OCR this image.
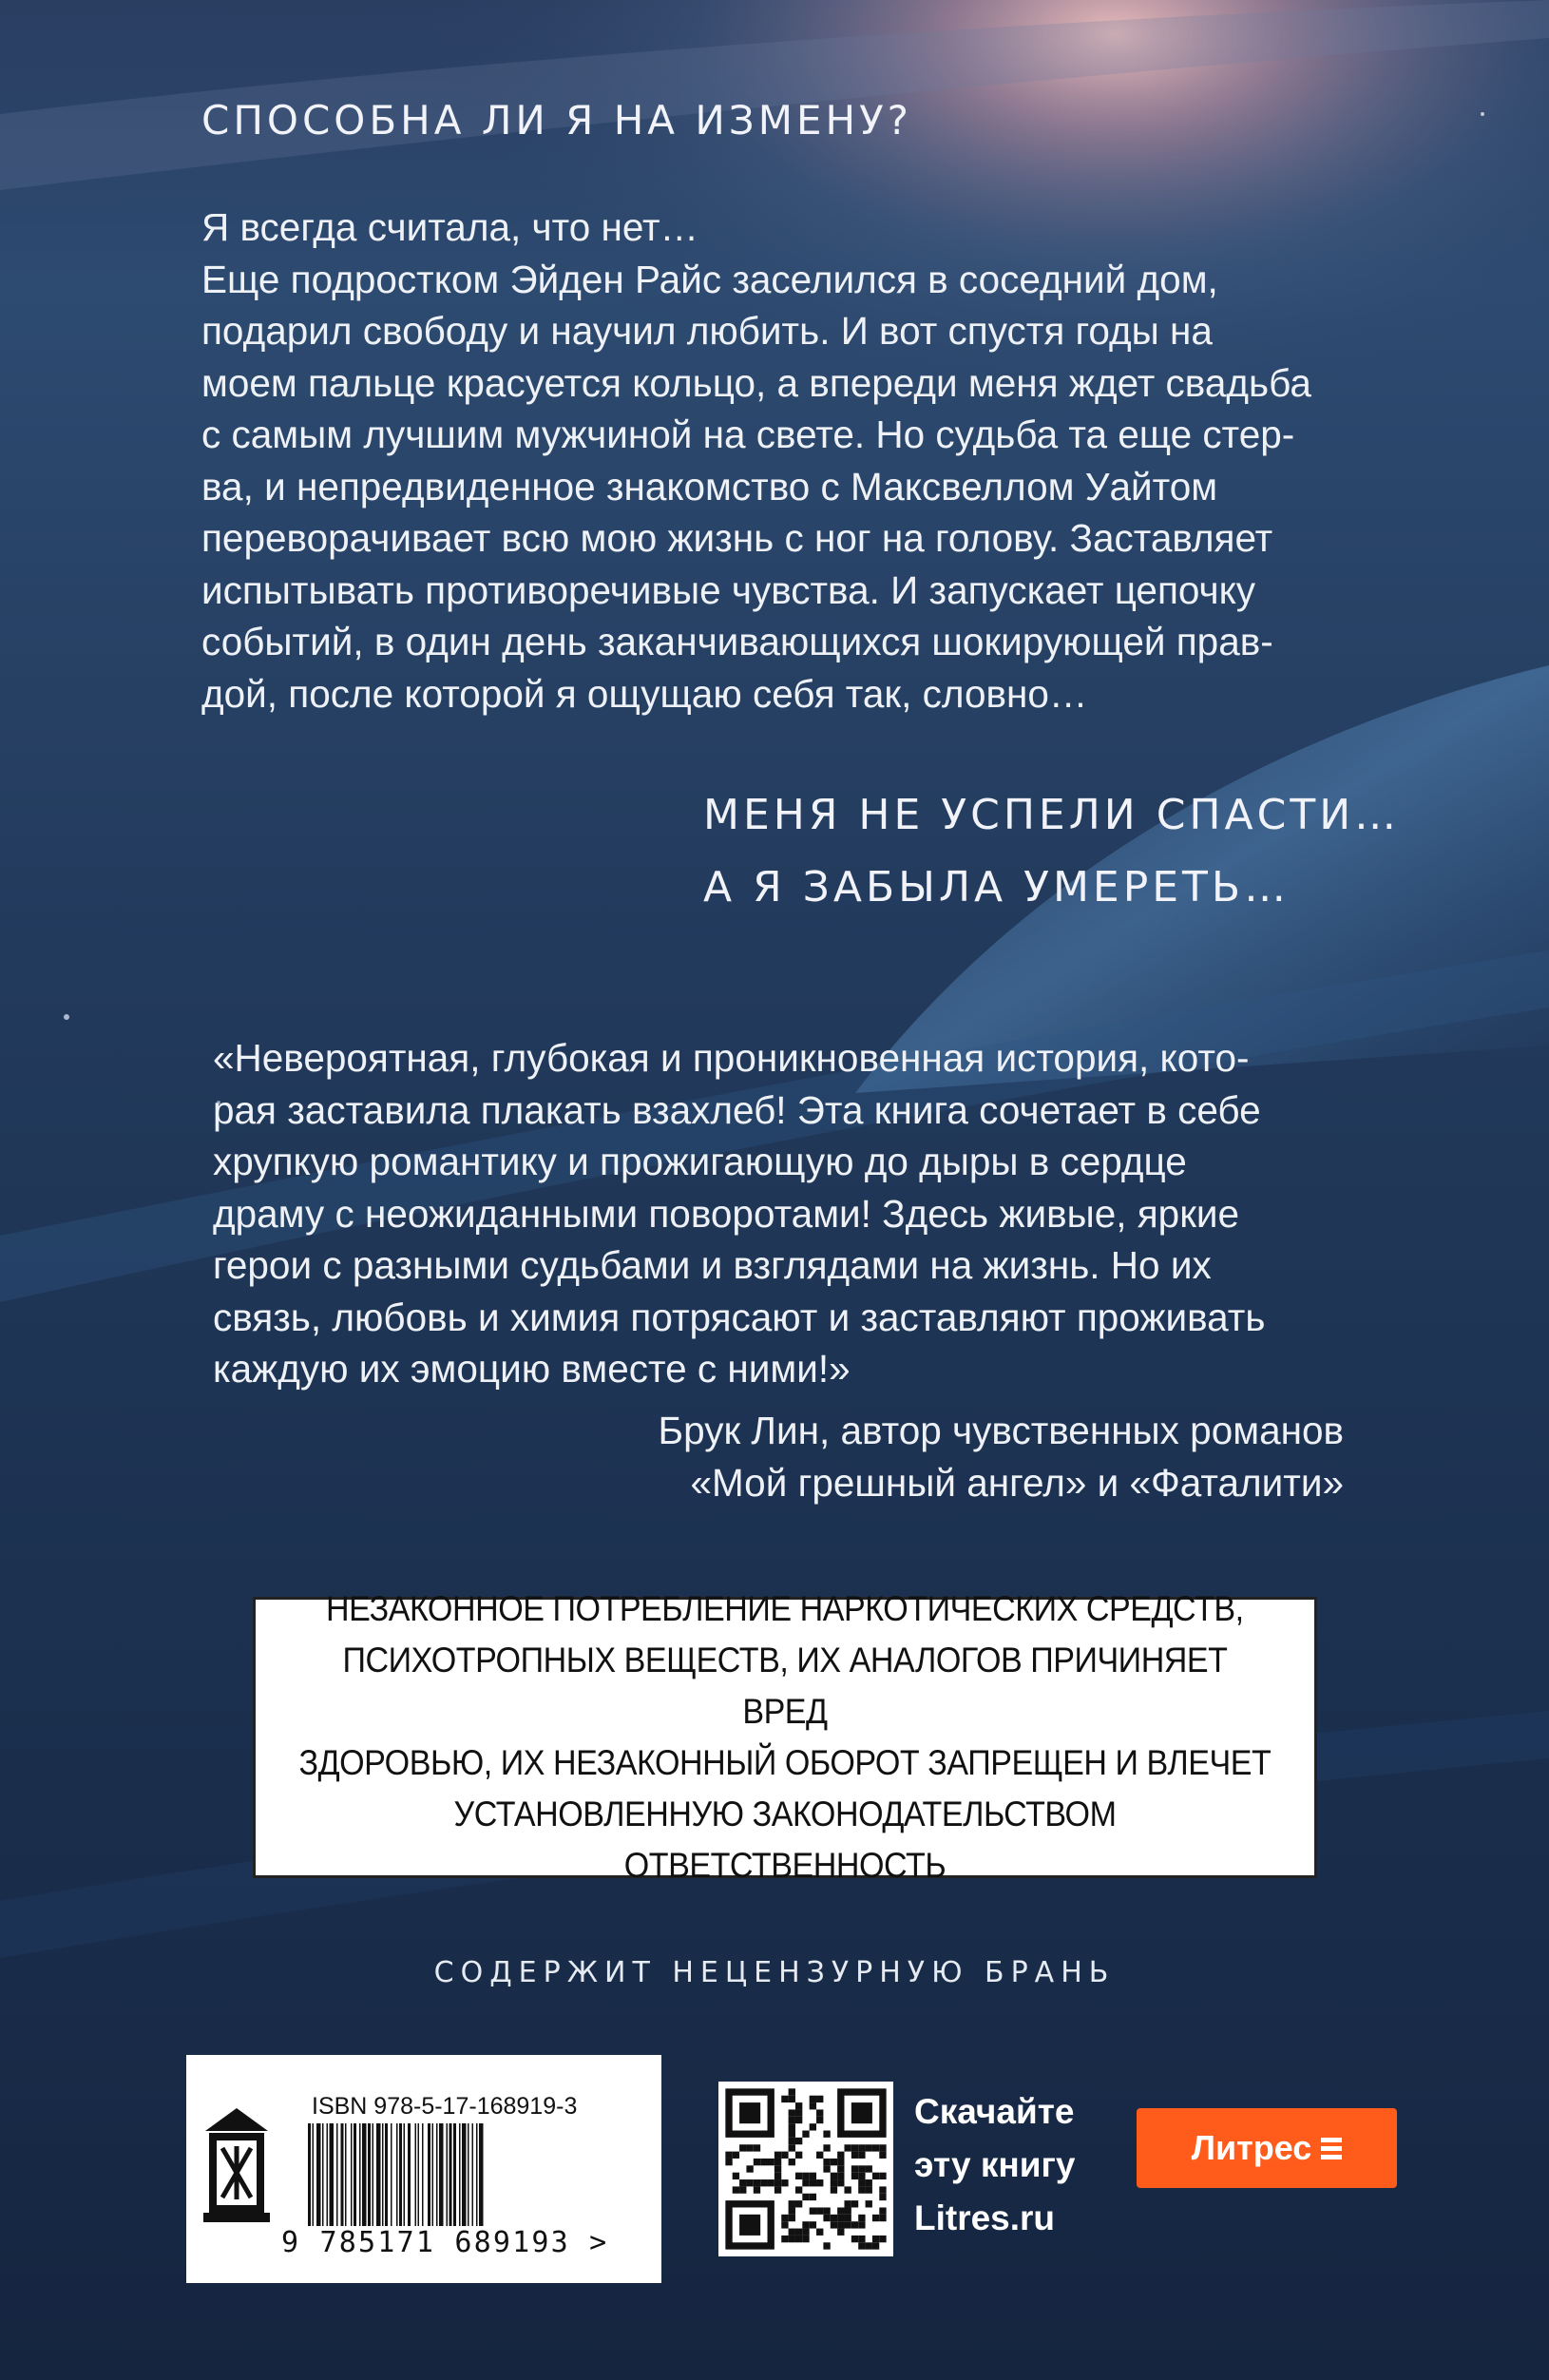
СПОСОБНА ЛИ Я НА ИЗМЕНУ?

Я всегда считала, что нет…
Еще подростком Эйден Райс заселился в соседний дом,
подарил свободу и научил любить. И вот спустя годы на
моем пальце красуется кольцо, а впереди меня ждет свадьба
с самым лучшим мужчиной на свете. Но судьба та еще стер-
ва, и непредвиденное знакомство с Максвеллом Уайтом
переворачивает всю мою жизнь с ног на голову. Заставляет
испытывать противоречивые чувства. И запускает цепочку
событий, в один день заканчивающихся шокирующей прав-
дой, после которой я ощущаю себя так, словно…

МЕНЯ НЕ УСПЕЛИ СПАСТИ…
А Я ЗАБЫЛА УМЕРЕТЬ…

«Невероятная, глубокая и проникновенная история, кото-
рая заставила плакать взахлеб! Эта книга сочетает в себе
хрупкую романтику и прожигающую до дыры в сердце
драму с неожиданными поворотами! Здесь живые, яркие
герои с разными судьбами и взглядами на жизнь. Но их
связь, любовь и химия потрясают и заставляют проживать
каждую их эмоцию вместе с ними!»

Брук Лин, автор чувственных романов
«Мой грешный ангел» и «Фаталити»

НЕЗАКОННОЕ ПОТРЕБЛЕНИЕ НАРКОТИЧЕСКИХ СРЕДСТВ,
ПСИХОТРОПНЫХ ВЕЩЕСТВ, ИХ АНАЛОГОВ ПРИЧИНЯЕТ ВРЕД
ЗДОРОВЬЮ, ИХ НЕЗАКОННЫЙ ОБОРОТ ЗАПРЕЩЕН И ВЛЕЧЕТ
УСТАНОВЛЕННУЮ ЗАКОНОДАТЕЛЬСТВОМ ОТВЕТСТВЕННОСТЬ

СОДЕРЖИТ НЕЦЕНЗУРНУЮ БРАНЬ

ISBN 978-5-17-168919-3
9 785171 689193 >

Скачайте
эту книгу
Litres.ru

Литрес
